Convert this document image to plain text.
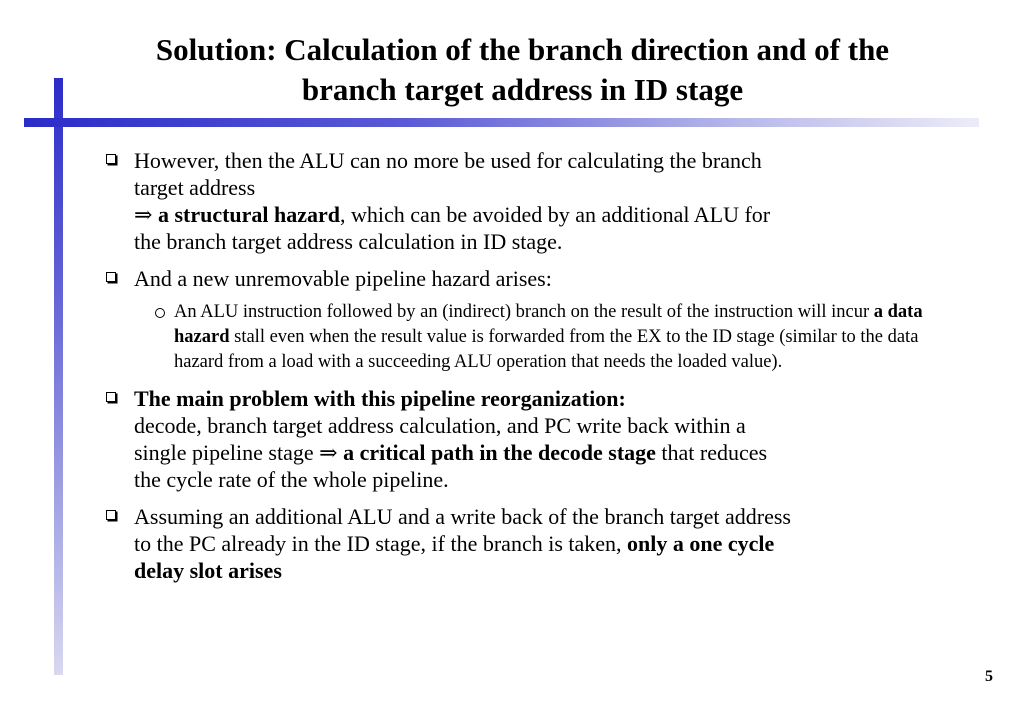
Solution: Calculation of the branch direction and of the
branch target address in ID stage
However, then the ALU can no more be used for calculating the branch
target address
⇒ a structural hazard, which can be avoided by an additional ALU for
the branch target address calculation in ID stage.
And a new unremovable pipeline hazard arises:
An ALU instruction followed by an (indirect) branch on the result of the instruction will incur a data hazard stall even when the result value is forwarded from the EX to the ID stage (similar to the data hazard from a load with a succeeding ALU operation that needs the loaded value).
The main problem with this pipeline reorganization:
decode, branch target address calculation, and PC write back within a
single pipeline stage ⇒ a critical path in the decode stage that reduces
the cycle rate of the whole pipeline.
Assuming an additional ALU and a write back of the branch target address
to the PC already in the ID stage, if the branch is taken, only a one cycle
delay slot arises
5
